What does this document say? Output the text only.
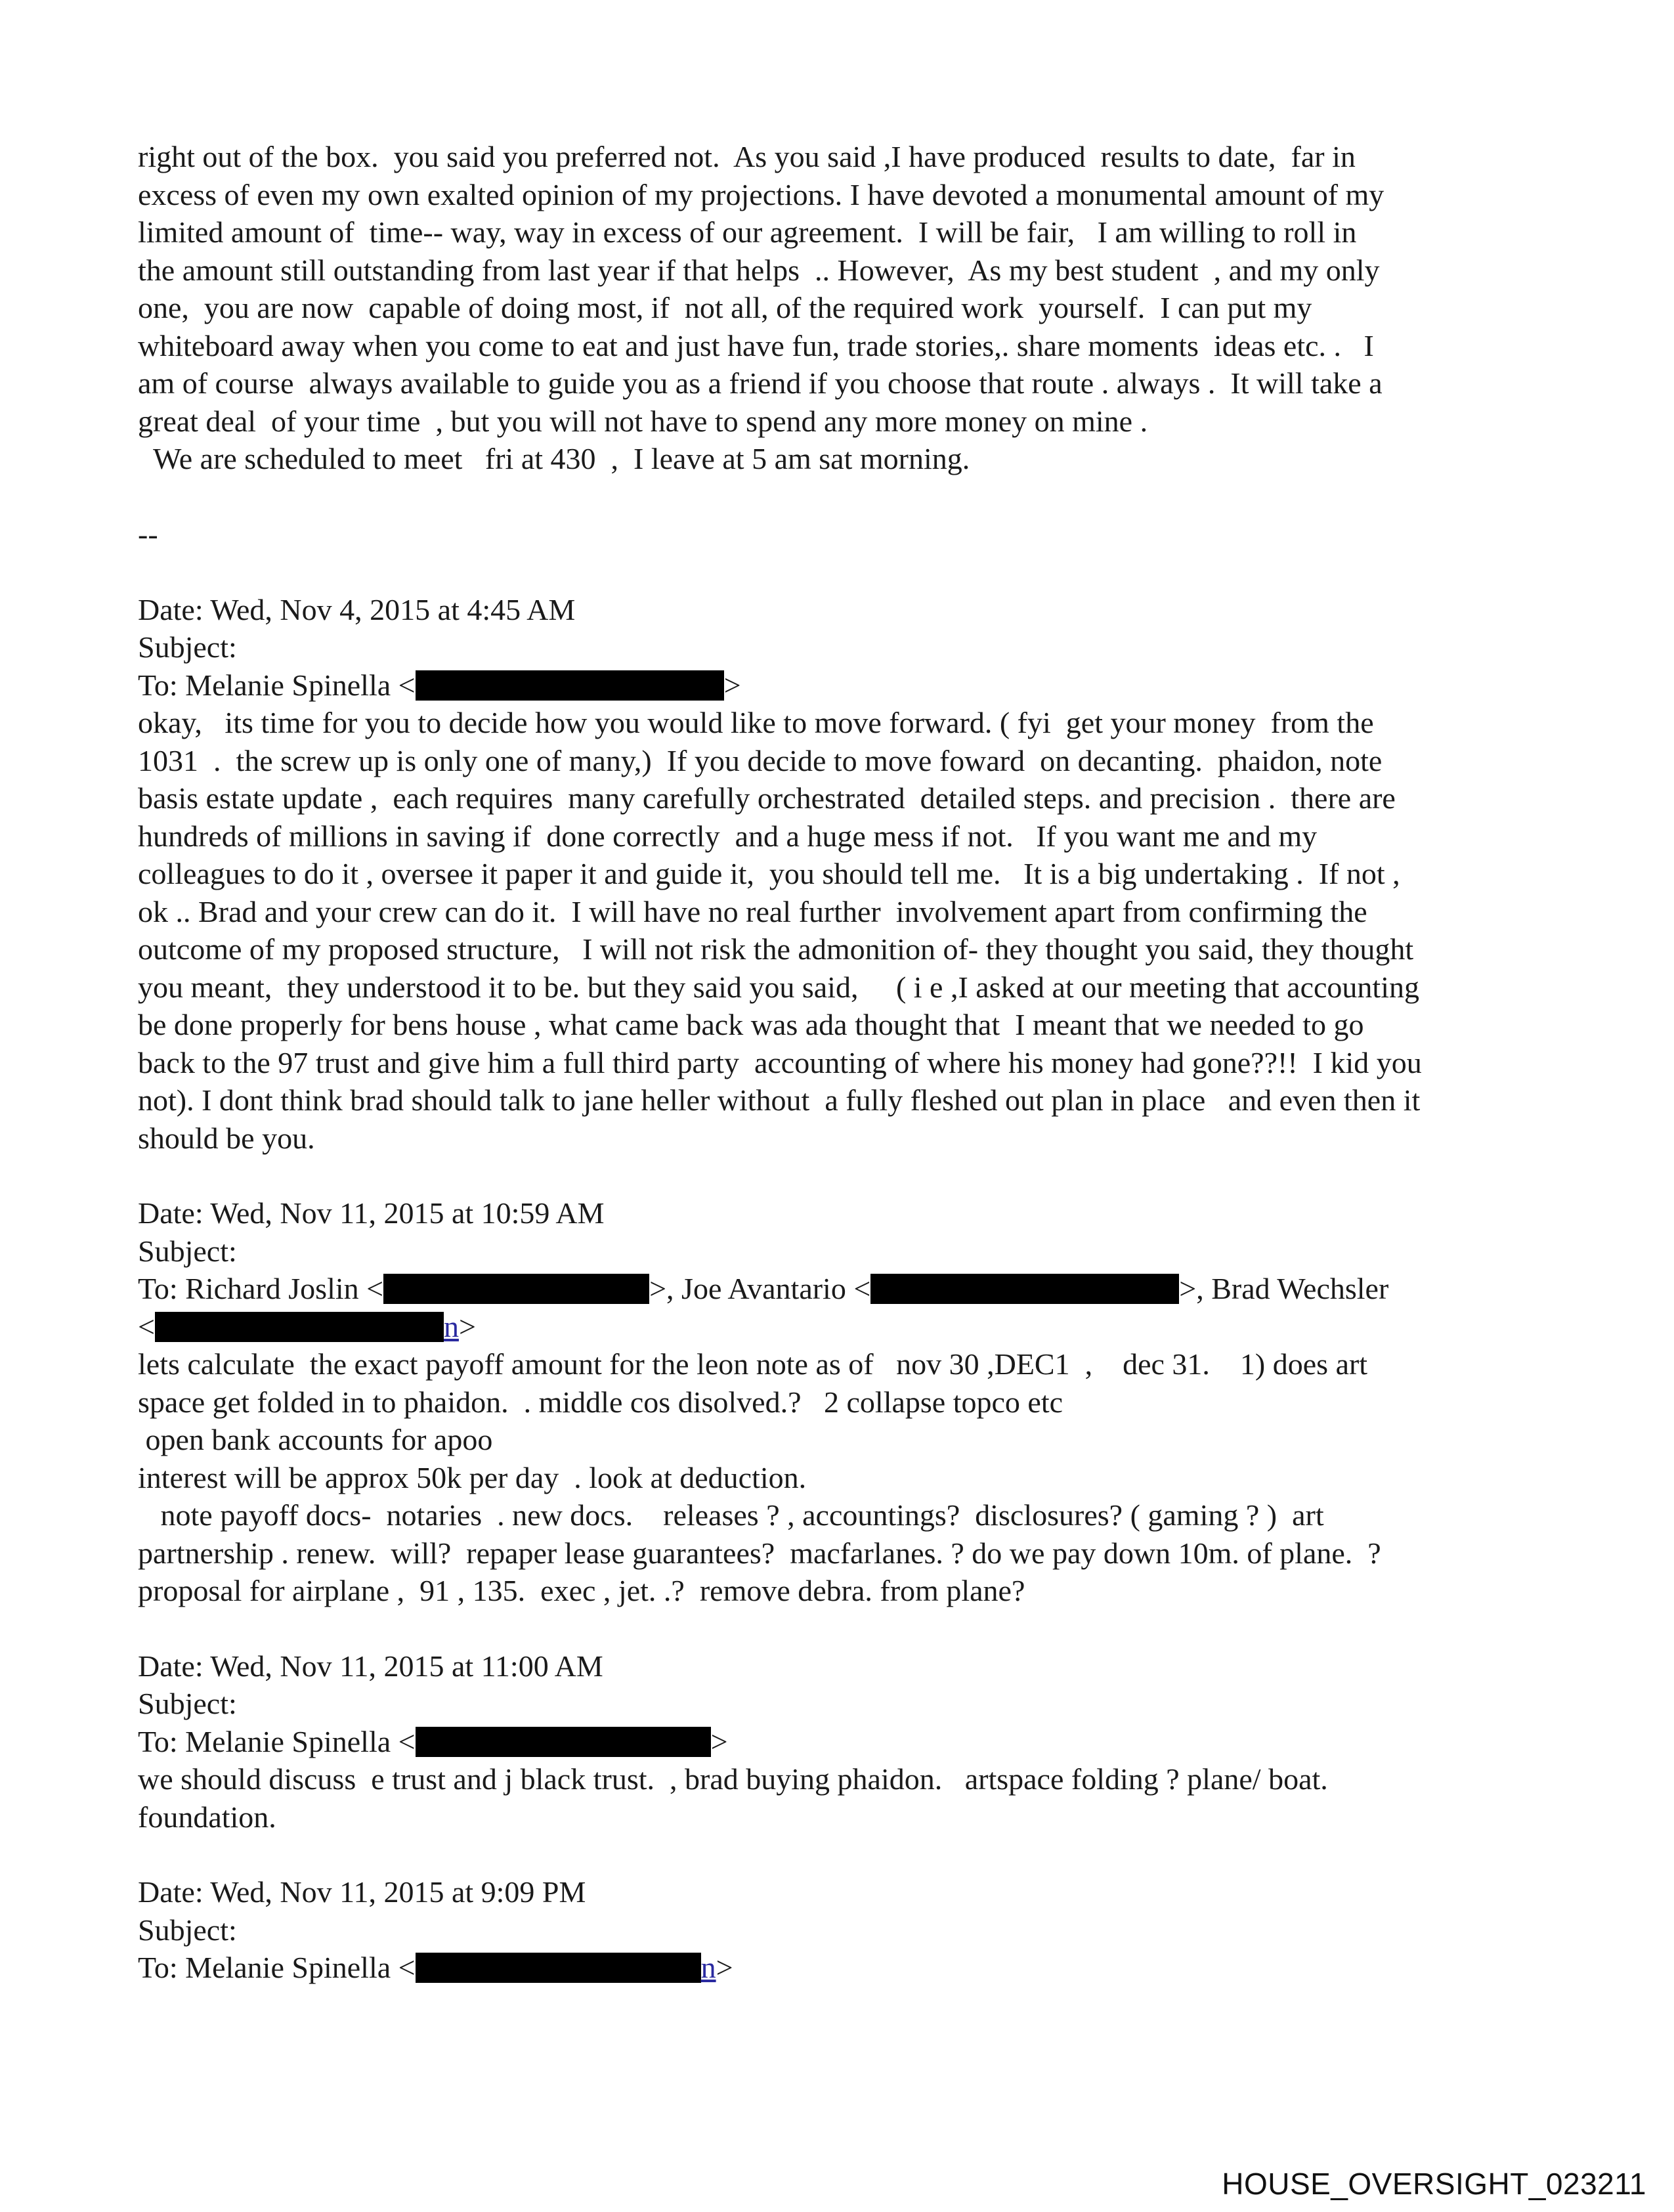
right out of the box.  you said you preferred not.  As you said ,I have produced  results to date,  far in

excess of even my own exalted opinion of my projections. I have devoted a monumental amount of my

limited amount of  time-- way, way in excess of our agreement.  I will be fair,   I am willing to roll in

the amount still outstanding from last year if that helps  .. However,  As my best student  , and my only

one,  you are now  capable of doing most, if  not all, of the required work  yourself.  I can put my

whiteboard away when you come to eat and just have fun, trade stories,. share moments  ideas etc. .   I

am of course  always available to guide you as a friend if you choose that route . always .  It will take a

great deal  of your time  , but you will not have to spend any more money on mine .

We are scheduled to meet   fri at 430  ,  I leave at 5 am sat morning.

--

Date: Wed, Nov 4, 2015 at 4:45 AM

Subject:

To: Melanie Spinella <	>

okay,   its time for you to decide how you would like to move forward. ( fyi  get your money  from the

1031  .  the screw up is only one of many,)  If you decide to move foward  on decanting.  phaidon, note

basis estate update ,  each requires  many carefully orchestrated  detailed steps. and precision .  there are

hundreds of millions in saving if  done correctly  and a huge mess if not.   If you want me and my

colleagues to do it , oversee it paper it and guide it,  you should tell me.   It is a big undertaking .  If not ,

ok .. Brad and your crew can do it.  I will have no real further  involvement apart from confirming the

outcome of my proposed structure,   I will not risk the admonition of- they thought you said, they thought

you meant,  they understood it to be. but they said you said,     ( i e ,I asked at our meeting that accounting

be done properly for bens house , what came back was ada thought that  I meant that we needed to go

back to the 97 trust and give him a full third party  accounting of where his money had gone??!!  I kid you

not). I dont think brad should talk to jane heller without  a fully fleshed out plan in place   and even then it

should be you.

Date: Wed, Nov 11, 2015 at 10:59 AM

Subject:

To: Richard Joslin <	>, Joe Avantario <	>, Brad Wechsler

<	n>

lets calculate  the exact payoff amount for the leon note as of   nov 30 ,DEC1  ,    dec 31.    1) does art

space get folded in to phaidon.  . middle cos disolved.?   2 collapse topco etc

open bank accounts for apoo

interest will be approx 50k per day  . look at deduction.

note payoff docs-  notaries  . new docs.    releases ? , accountings?  disclosures? ( gaming ? )  art

partnership . renew.  will?  repaper lease guarantees?  macfarlanes. ? do we pay down 10m. of plane.  ?

proposal for airplane ,  91 , 135.  exec , jet. .?  remove debra. from plane?

Date: Wed, Nov 11, 2015 at 11:00 AM

Subject:

To: Melanie Spinella <	>

we should discuss  e trust and j black trust.  , brad buying phaidon.   artspace folding ? plane/ boat.

foundation.

Date: Wed, Nov 11, 2015 at 9:09 PM

Subject:

To: Melanie Spinella <	n>

HOUSE_OVERSIGHT_023211
